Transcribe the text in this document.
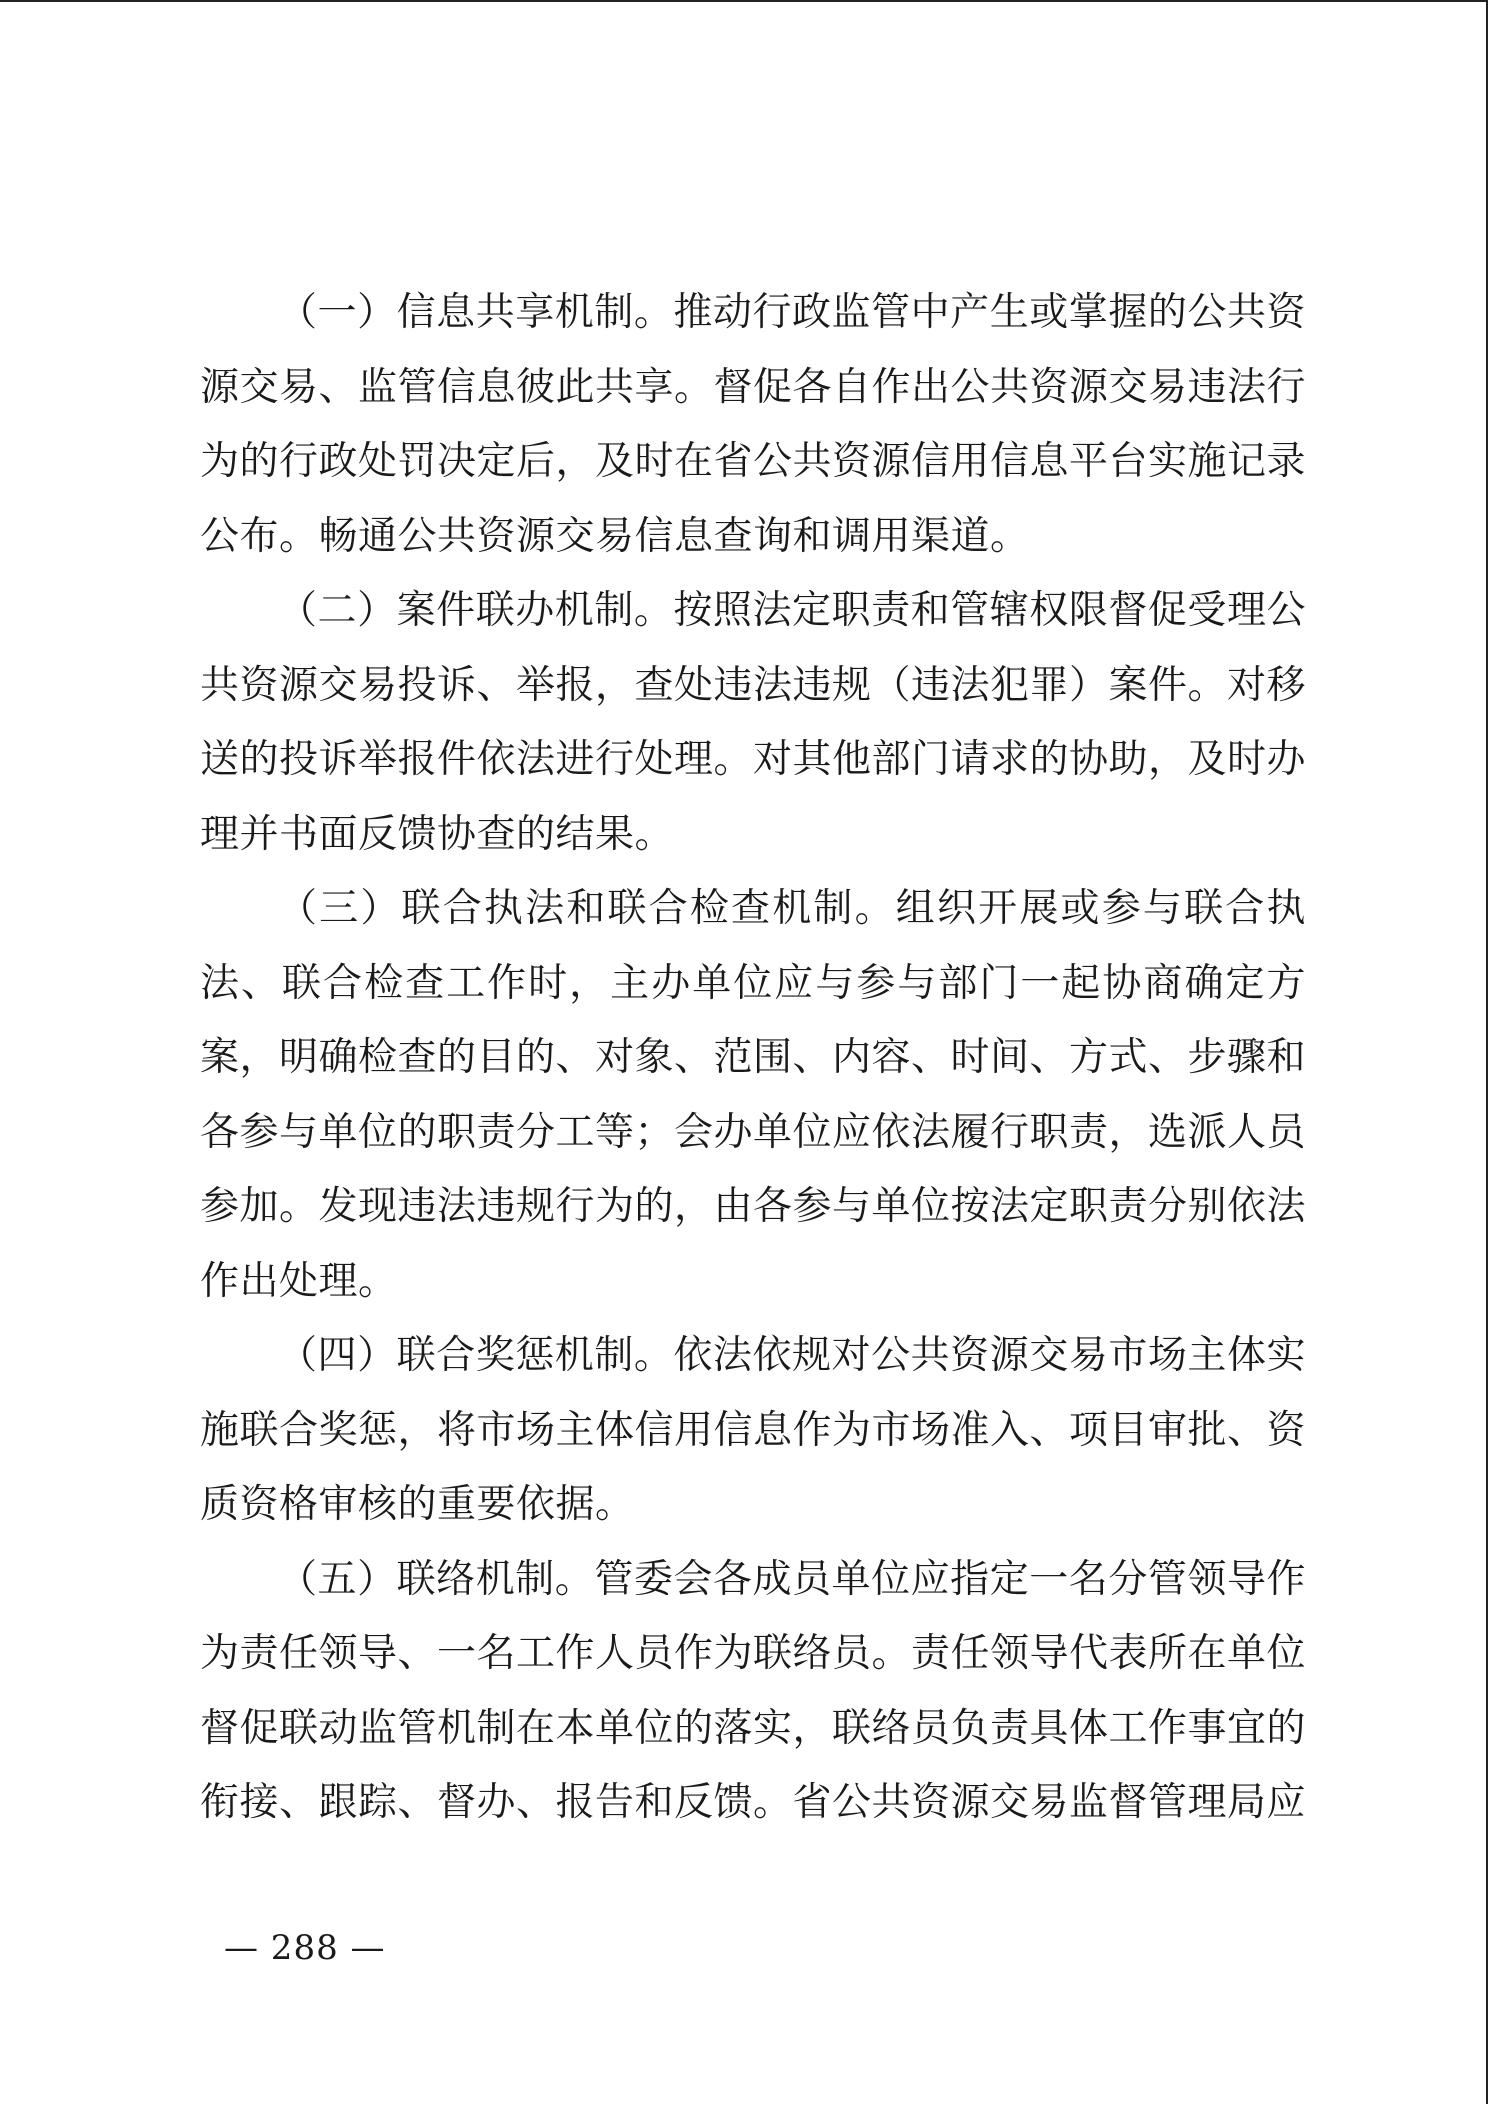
（一）信息共享机制。推动行政监管中产生或掌握的公共资源交易、监管信息彼此共享。督促各自作出公共资源交易违法行为的行政处罚决定后，及时在省公共资源信用信息平台实施记录公布。畅通公共资源交易信息查询和调用渠道。

（二）案件联办机制。按照法定职责和管辖权限督促受理公共资源交易投诉、举报，查处违法违规（违法犯罪）案件。对移送的投诉举报件依法进行处理。对其他部门请求的协助，及时办理并书面反馈协查的结果。

（三）联合执法和联合检查机制。组织开展或参与联合执法、联合检查工作时，主办单位应与参与部门一起协商确定方案，明确检查的目的、对象、范围、内容、时间、方式、步骤和各参与单位的职责分工等；会办单位应依法履行职责，选派人员参加。发现违法违规行为的，由各参与单位按法定职责分别依法作出处理。

（四）联合奖惩机制。依法依规对公共资源交易市场主体实施联合奖惩，将市场主体信用信息作为市场准入、项目审批、资质资格审核的重要依据。

（五）联络机制。管委会各成员单位应指定一名分管领导作为责任领导、一名工作人员作为联络员。责任领导代表所在单位督促联动监管机制在本单位的落实，联络员负责具体工作事宜的衔接、跟踪、督办、报告和反馈。省公共资源交易监督管理局应

— 288 —
